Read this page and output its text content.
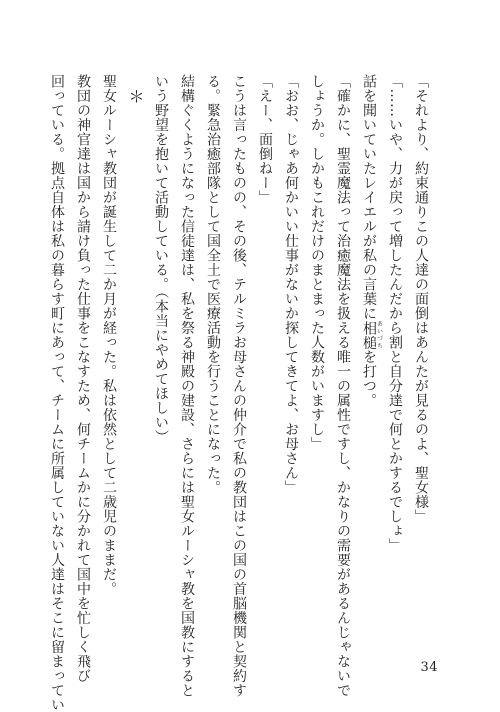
「それより、約束通りこの人達の面倒はあんたが見るのよ、聖女様」
「……いや、力が戻って増したんだから割と自分達で何とかするでしょ」
話を聞いていたレイエルが私の言葉に相槌あいづちを打つ。
「確かに、聖霊魔法って治癒魔法を扱える唯一の属性ですし、かなりの需要があるんじゃないで
しょうか。しかもこれだけのまとまった人数がいますし」
「おお、じゃあ何かいい仕事がないか探してきてよ、お母さん」
「えー、面倒ねー」
こうは言ったものの、その後、テルミラお母さんの仲介で私の教団はこの国の首脳機関と契約す
る。緊急治癒部隊として国全土で医療活動を行うことになった。
結構ぐくようになった信徒達は、私を祭る神殿の建設、さらには聖女ルーシャ教を国教にすると
いう野望を抱いて活動している。（本当にやめてほしい）
＊
聖女ルーシャ教団が誕生して二か月が経った。私は依然として二歳児のままだ。
教団の神官達は国から請け負った仕事をこなすため、何チームかに分かれて国中を忙しく飛び
回っている。拠点自体は私の暮らす町にあって、チームに所属していない人達はそこに留まってい	34
